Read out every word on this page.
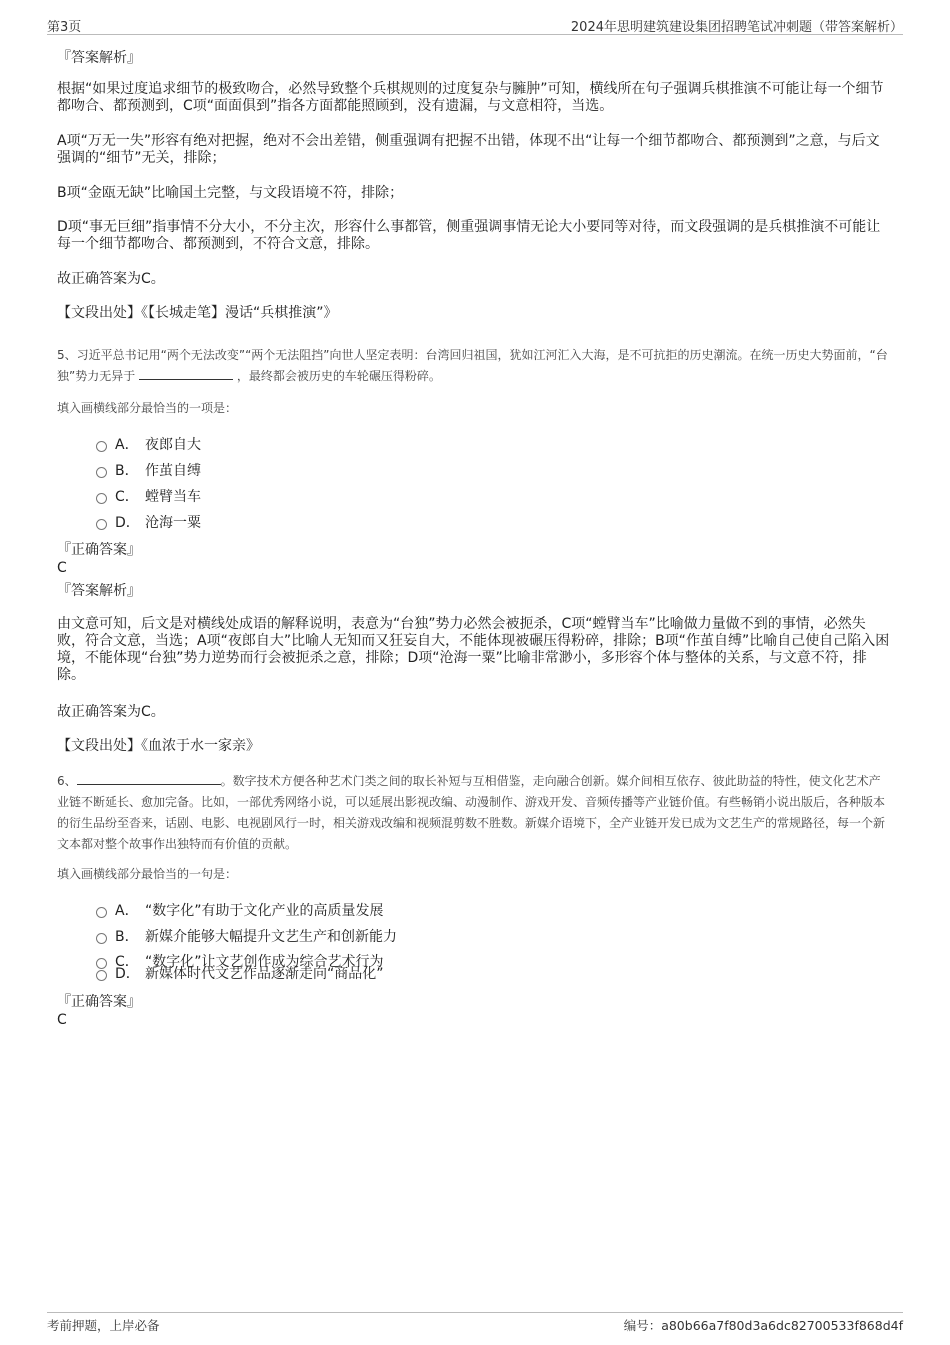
第3页	2024年思明建筑建设集团招聘笔试冲刺题（带答案解析）
『答案解析』
根据“如果过度追求细节的极致吻合，必然导致整个兵棋规则的过度复杂与臃肿”可知，横线所在句子强调兵棋推演不可能让每一个细节都吻合、都预测到，C项“面面俱到”指各方面都能照顾到，没有遗漏，与文意相符，当选。
A项“万无一失”形容有绝对把握，绝对不会出差错，侧重强调有把握不出错，体现不出“让每一个细节都吻合、都预测到”之意，与后文强调的“细节”无关，排除；
B项“金瓯无缺”比喻国土完整，与文段语境不符，排除；
D项“事无巨细”指事情不分大小，不分主次，形容什么事都管，侧重强调事情无论大小要同等对待，而文段强调的是兵棋推演不可能让每一个细节都吻合、都预测到，不符合文意，排除。
故正确答案为C。
【文段出处】《【长城走笔】漫话“兵棋推演”》
5、习近平总书记用“两个无法改变”“两个无法阻挡”向世人坚定表明：台湾回归祖国，犹如江河汇入大海，是不可抗拒的历史潮流。在统一历史大势面前，“台独”势力无异于	，最终都会被历史的车轮碾压得粉碎。
填入画横线部分最恰当的一项是：
A． 夜郎自大
B． 作茧自缚
C． 螳臂当车
D． 沧海一粟
『正确答案』
C
『答案解析』
由文意可知，后文是对横线处成语的解释说明，表意为“台独”势力必然会被扼杀，C项“螳臂当车”比喻做力量做不到的事情，必然失败，符合文意，当选；A项“夜郎自大”比喻人无知而又狂妄自大，不能体现被碾压得粉碎，排除；B项“作茧自缚”比喻自己使自己陷入困境，不能体现“台独”势力逆势而行会被扼杀之意，排除；D项“沧海一粟”比喻非常渺小，多形容个体与整体的关系，与文意不符，排除。
故正确答案为C。
【文段出处】《血浓于水一家亲》
6、	。数字技术方便各种艺术门类之间的取长补短与互相借鉴，走向融合创新。媒介间相互依存、彼此助益的特性，使文化艺术产业链不断延长、愈加完备。比如，一部优秀网络小说，可以延展出影视改编、动漫制作、游戏开发、音频传播等产业链价值。有些畅销小说出版后，各种版本的衍生品纷至沓来，话剧、电影、电视剧风行一时，相关游戏改编和视频混剪数不胜数。新媒介语境下，全产业链开发已成为文艺生产的常规路径，每一个新文本都对整个故事作出独特而有价值的贡献。
填入画横线部分最恰当的一句是：
A． “数字化”有助于文化产业的高质量发展
B． 新媒介能够大幅提升文艺生产和创新能力
C． “数字化”让文艺创作成为综合艺术行为
D． 新媒体时代文艺作品逐渐走向“商品化”
『正确答案』
C
考前押题，上岸必备	编号：a80b66a7f80d3a6dc82700533f868d4f
